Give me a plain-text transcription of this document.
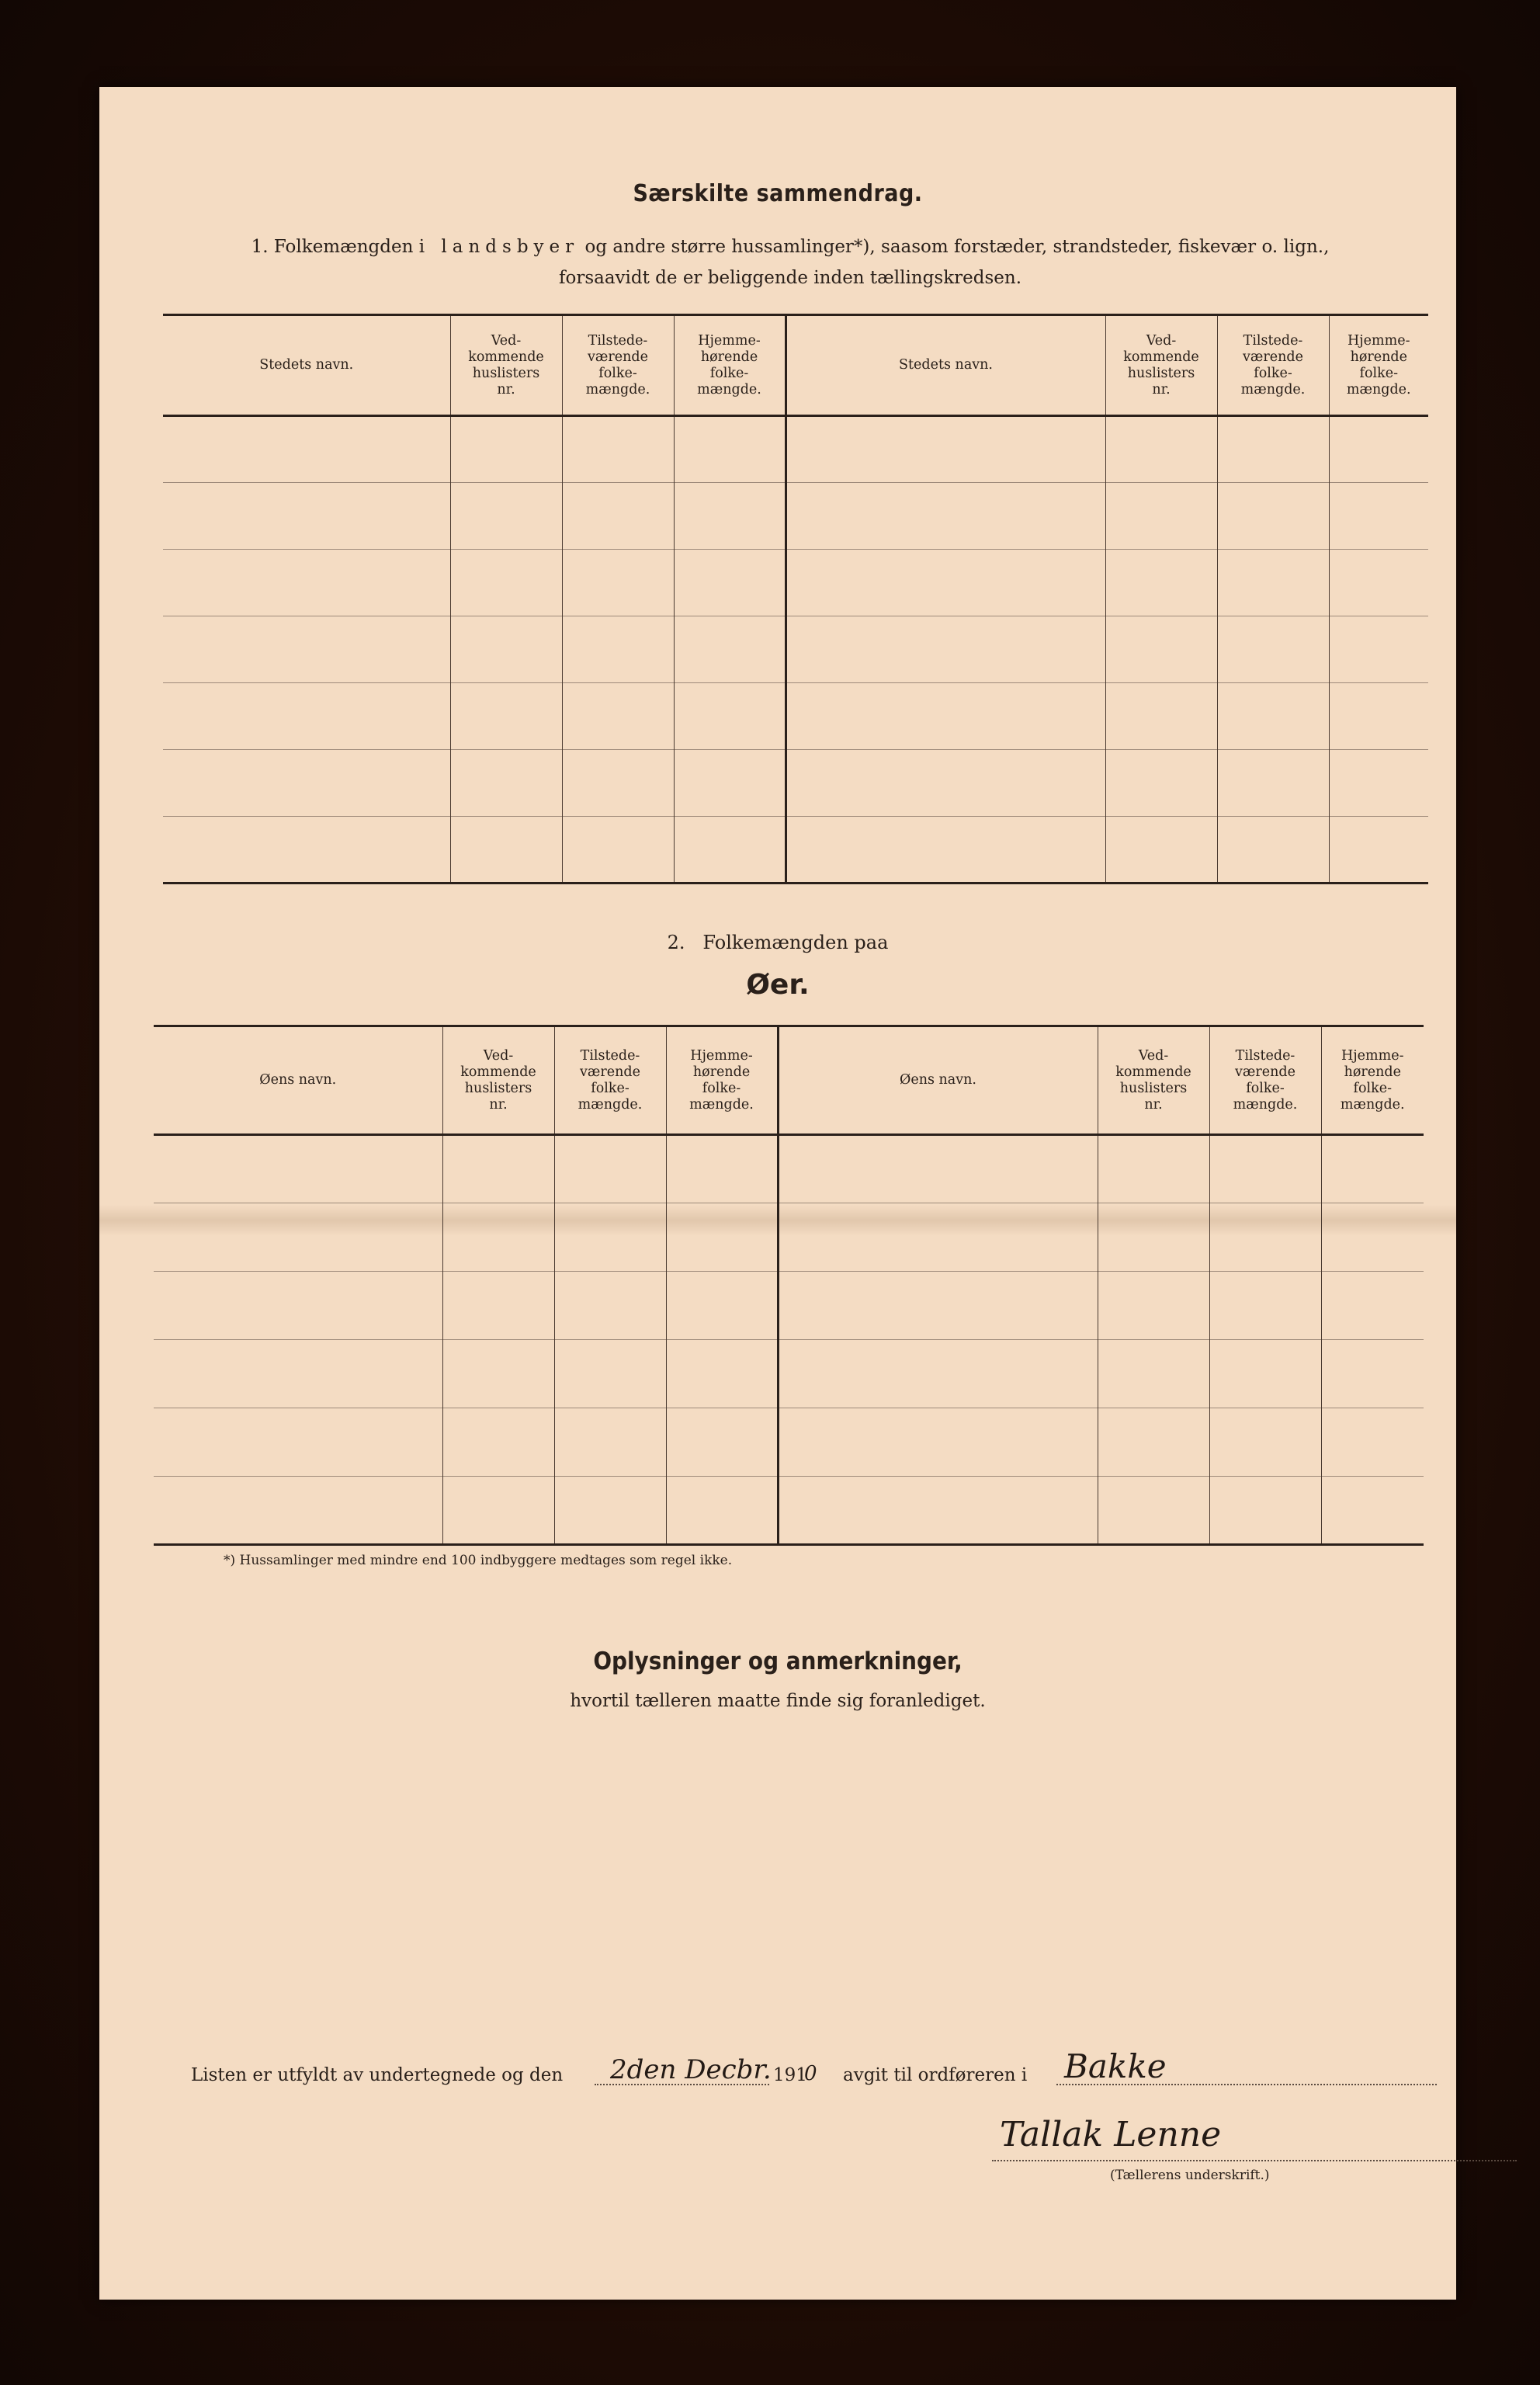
Særskilte sammendrag.
1. Folkemængden i landsbyer og andre større hussamlinger*), saasom forstæder, strandsteder, fiskevær o. lign.,
forsaavidt de er beliggende inden tællingskredsen.
Stedets navn.	Ved-
kommende
huslisters
nr.	Tilstede-
værende
folke-
mængde.	Hjemme-
hørende
folke-
mængde.	Stedets navn.	Ved-
kommende
huslisters
nr.	Tilstede-
værende
folke-
mængde.	Hjemme-
hørende
folke-
mængde.

2. Folkemængden paa
Øer.
Øens navn.	Ved-
kommende
huslisters
nr.	Tilstede-
værende
folke-
mængde.	Hjemme-
hørende
folke-
mængde.	Øens navn.	Ved-
kommende
huslisters
nr.	Tilstede-
værende
folke-
mængde.	Hjemme-
hørende
folke-
mængde.

*) Hussamlinger med mindre end 100 indbyggere medtages som regel ikke.
Oplysninger og anmerkninger,
hvortil tælleren maatte finde sig foranlediget.
Listen er utfyldt av undertegnede og den 2den Decbr. 191
0 avgit til ordføreren i Bakke
Tallak Lenne
(Tællerens underskrift.)
